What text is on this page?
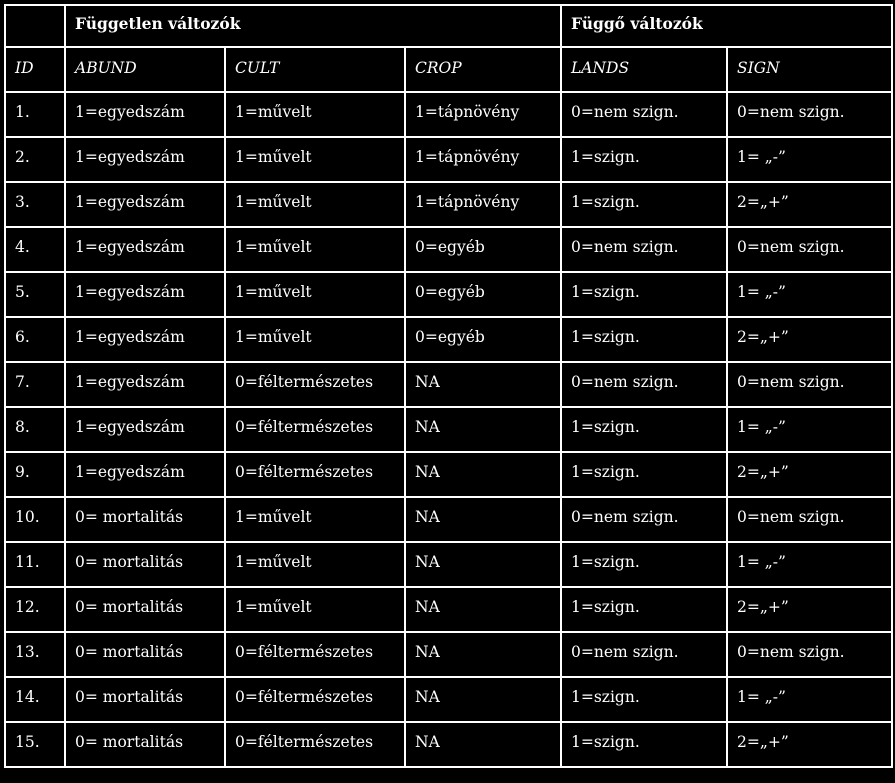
	Független változók			Függő változók	
ID	ABUND	CULT	CROP	LANDS	SIGN
1.	1=egyedszám	1=művelt	1=tápnövény	0=nem szign.	0=nem szign.
2.	1=egyedszám	1=művelt	1=tápnövény	1=szign.	1= „-”
3.	1=egyedszám	1=művelt	1=tápnövény	1=szign.	2=„+”
4.	1=egyedszám	1=művelt	0=egyéb	0=nem szign.	0=nem szign.
5.	1=egyedszám	1=művelt	0=egyéb	1=szign.	1= „-”
6.	1=egyedszám	1=művelt	0=egyéb	1=szign.	2=„+”
7.	1=egyedszám	0=féltermészetes	NA	0=nem szign.	0=nem szign.
8.	1=egyedszám	0=féltermészetes	NA	1=szign.	1= „-”
9.	1=egyedszám	0=féltermészetes	NA	1=szign.	2=„+”
10.	0= mortalitás	1=művelt	NA	0=nem szign.	0=nem szign.
11.	0= mortalitás	1=művelt	NA	1=szign.	1= „-”
12.	0= mortalitás	1=művelt	NA	1=szign.	2=„+”
13.	0= mortalitás	0=féltermészetes	NA	0=nem szign.	0=nem szign.
14.	0= mortalitás	0=féltermészetes	NA	1=szign.	1= „-”
15.	0= mortalitás	0=féltermészetes	NA	1=szign.	2=„+”
